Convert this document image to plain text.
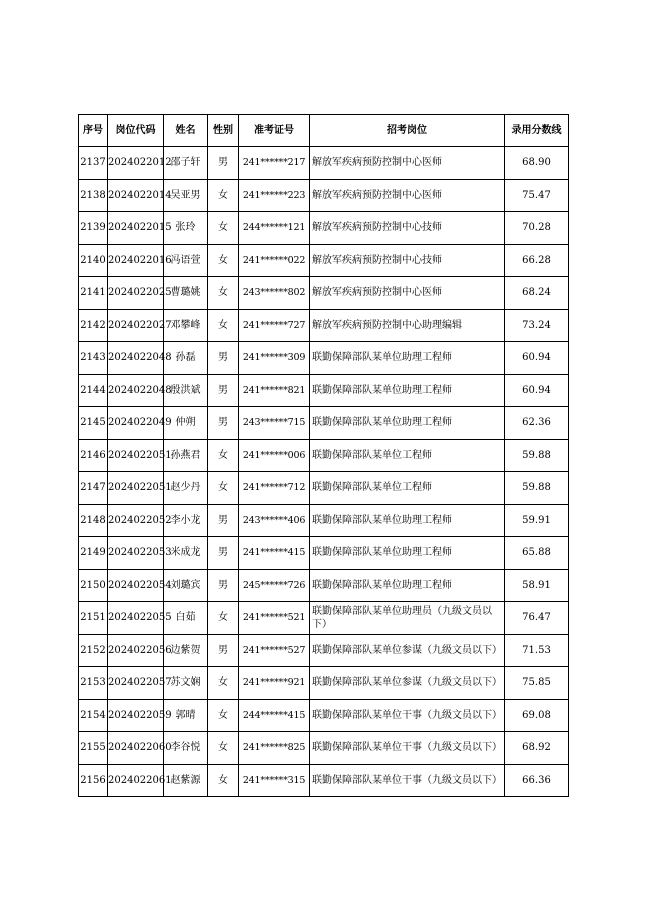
序号	岗位代码	姓名	性别	准考证号	招考岗位	录用分数线
2137	2024022012	邵子轩	男	241******217	解放军疾病预防控制中心医师	68.90
2138	2024022014	吴亚男	女	241******223	解放军疾病预防控制中心医师	75.47
2139	2024022015	张玲	女	244******121	解放军疾病预防控制中心技师	70.28
2140	2024022016	冯语萱	女	241******022	解放军疾病预防控制中心技师	66.28
2141	2024022025	曹璐姚	女	243******802	解放军疾病预防控制中心医师	68.24
2142	2024022027	邓攀峰	女	241******727	解放军疾病预防控制中心助理编辑	73.24
2143	2024022048	孙磊	男	241******309	联勤保障部队某单位助理工程师	60.94
2144	2024022048	殷洪斌	男	241******821	联勤保障部队某单位助理工程师	60.94
2145	2024022049	仲朔	男	243******715	联勤保障部队某单位助理工程师	62.36
2146	2024022051	孙燕君	女	241******006	联勤保障部队某单位工程师	59.88
2147	2024022051	赵少丹	女	241******712	联勤保障部队某单位工程师	59.88
2148	2024022052	李小龙	男	243******406	联勤保障部队某单位助理工程师	59.91
2149	2024022053	米成龙	男	241******415	联勤保障部队某单位助理工程师	65.88
2150	2024022054	刘璐宾	男	245******726	联勤保障部队某单位助理工程师	58.91
2151	2024022055	白茹	女	241******521	联勤保障部队某单位助理员（九级文员以下）	76.47
2152	2024022056	边紫贺	男	241******527	联勤保障部队某单位参谋（九级文员以下）	71.53
2153	2024022057	苏文娴	女	241******921	联勤保障部队某单位参谋（九级文员以下）	75.85
2154	2024022059	郭晴	女	244******415	联勤保障部队某单位干事（九级文员以下）	69.08
2155	2024022060	李谷悦	女	241******825	联勤保障部队某单位干事（九级文员以下）	68.92
2156	2024022061	赵紫源	女	241******315	联勤保障部队某单位干事（九级文员以下）	66.36
